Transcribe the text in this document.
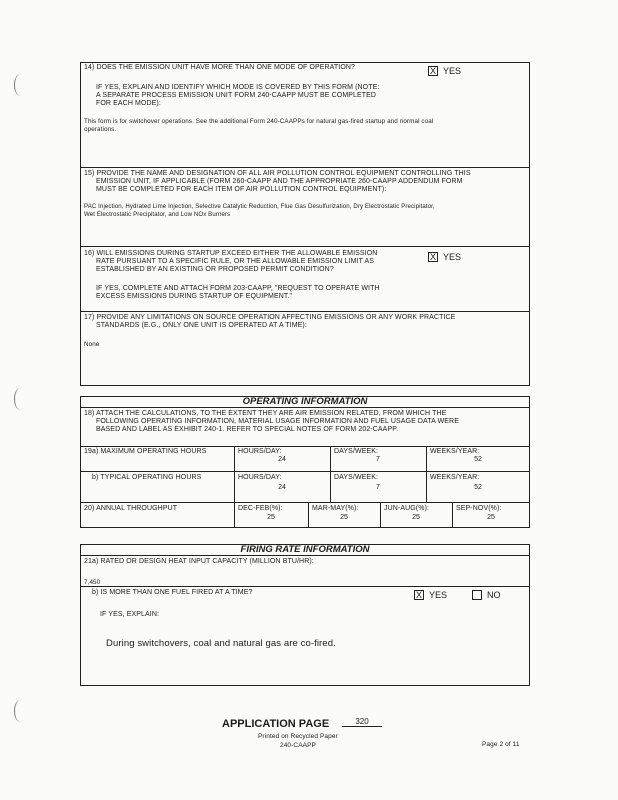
14) DOES THE EMISSION UNIT HAVE MORE THAN ONE MODE OF OPERATION?	X YES
IF YES, EXPLAIN AND IDENTIFY WHICH MODE IS COVERED BY THIS FORM (NOTE:
A SEPARATE PROCESS EMISSION UNIT FORM 240-CAAPP MUST BE COMPLETED
FOR EACH MODE):
This form is for switchover operations. See the additional Form 240-CAAPPs for natural gas-fired startup and normal coal
operations.
15) PROVIDE THE NAME AND DESIGNATION OF ALL AIR POLLUTION CONTROL EQUIPMENT CONTROLLING THIS
EMISSION UNIT, IF APPLICABLE (FORM 260-CAAPP AND THE APPROPRIATE 260-CAAPP ADDENDUM FORM
MUST BE COMPLETED FOR EACH ITEM OF AIR POLLUTION CONTROL EQUIPMENT):
PAC Injection, Hydrated Lime Injection, Selective Catalytic Reduction, Flue Gas Desulfurization, Dry Electrostatic Precipitator,
Wet Electrostatic Precipitator, and Low NOx Burners
16) WILL EMISSIONS DURING STARTUP EXCEED EITHER THE ALLOWABLE EMISSION
RATE PURSUANT TO A SPECIFIC RULE, OR THE ALLOWABLE EMISSION LIMIT AS
ESTABLISHED BY AN EXISTING OR PROPOSED PERMIT CONDITION?
X YES
IF YES, COMPLETE AND ATTACH FORM 203-CAAPP, "REQUEST TO OPERATE WITH
EXCESS EMISSIONS DURING STARTUP OF EQUIPMENT."
17) PROVIDE ANY LIMITATIONS ON SOURCE OPERATION AFFECTING EMISSIONS OR ANY WORK PRACTICE
STANDARDS (E.G., ONLY ONE UNIT IS OPERATED AT A TIME):
None
OPERATING INFORMATION
18) ATTACH THE CALCULATIONS, TO THE EXTENT THEY ARE AIR EMISSION RELATED, FROM WHICH THE
FOLLOWING OPERATING INFORMATION, MATERIAL USAGE INFORMATION AND FUEL USAGE DATA WERE
BASED AND LABEL AS EXHIBIT 240-1. REFER TO SPECIAL NOTES OF FORM 202-CAAPP.
19a) MAXIMUM OPERATING HOURS	HOURS/DAY:	DAYS/WEEK:	WEEKS/YEAR:
24	7	52
b) TYPICAL OPERATING HOURS	HOURS/DAY:	DAYS/WEEK:	WEEKS/YEAR:
24	7	52
20) ANNUAL THROUGHPUT	DEC-FEB(%):	MAR-MAY(%):	JUN-AUG(%):	SEP-NOV(%):
25	25	25	25
FIRING RATE INFORMATION
21a) RATED OR DESIGN HEAT INPUT CAPACITY (MILLION BTU/HR):
7,450
b) IS MORE THAN ONE FUEL FIRED AT A TIME?	X YES	NO
IF YES, EXPLAIN:
During switchovers, coal and natural gas are co-fired.
APPLICATION PAGE	320
Printed on Recycled Paper
240-CAAPP	Page 2 of 11
